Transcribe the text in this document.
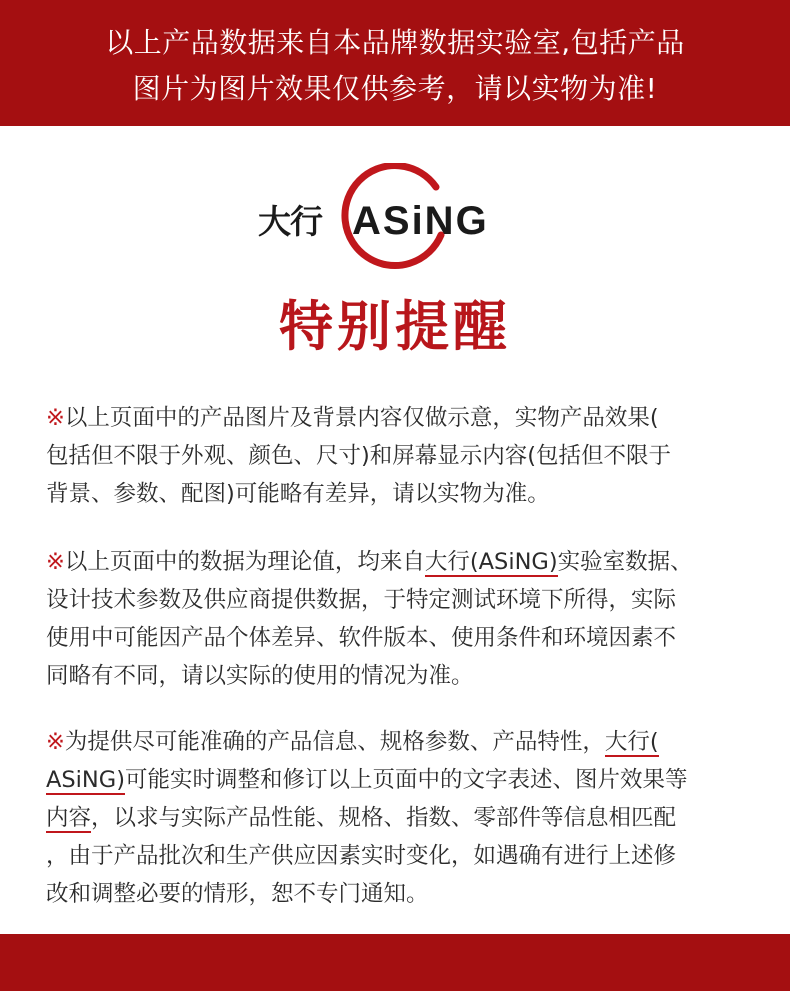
以上产品数据来自本品牌数据实验室,包括产品
图片为图片效果仅供参考，请以实物为准!
大行 ASiNG
特别提醒
※以上页面中的产品图片及背景内容仅做示意，实物产品效果(
包括但不限于外观、颜色、尺寸)和屏幕显示内容(包括但不限于
背景、参数、配图)可能略有差异，请以实物为准。
※以上页面中的数据为理论值，均来自大行(ASiNG)实验室数据、
设计技术参数及供应商提供数据，于特定测试环境下所得，实际
使用中可能因产品个体差异、软件版本、使用条件和环境因素不
同略有不同，请以实际的使用的情况为准。
※为提供尽可能准确的产品信息、规格参数、产品特性，大行(
ASiNG)可能实时调整和修订以上页面中的文字表述、图片效果等
内容，以求与实际产品性能、规格、指数、零部件等信息相匹配
，由于产品批次和生产供应因素实时变化，如遇确有进行上述修
改和调整必要的情形，恕不专门通知。
